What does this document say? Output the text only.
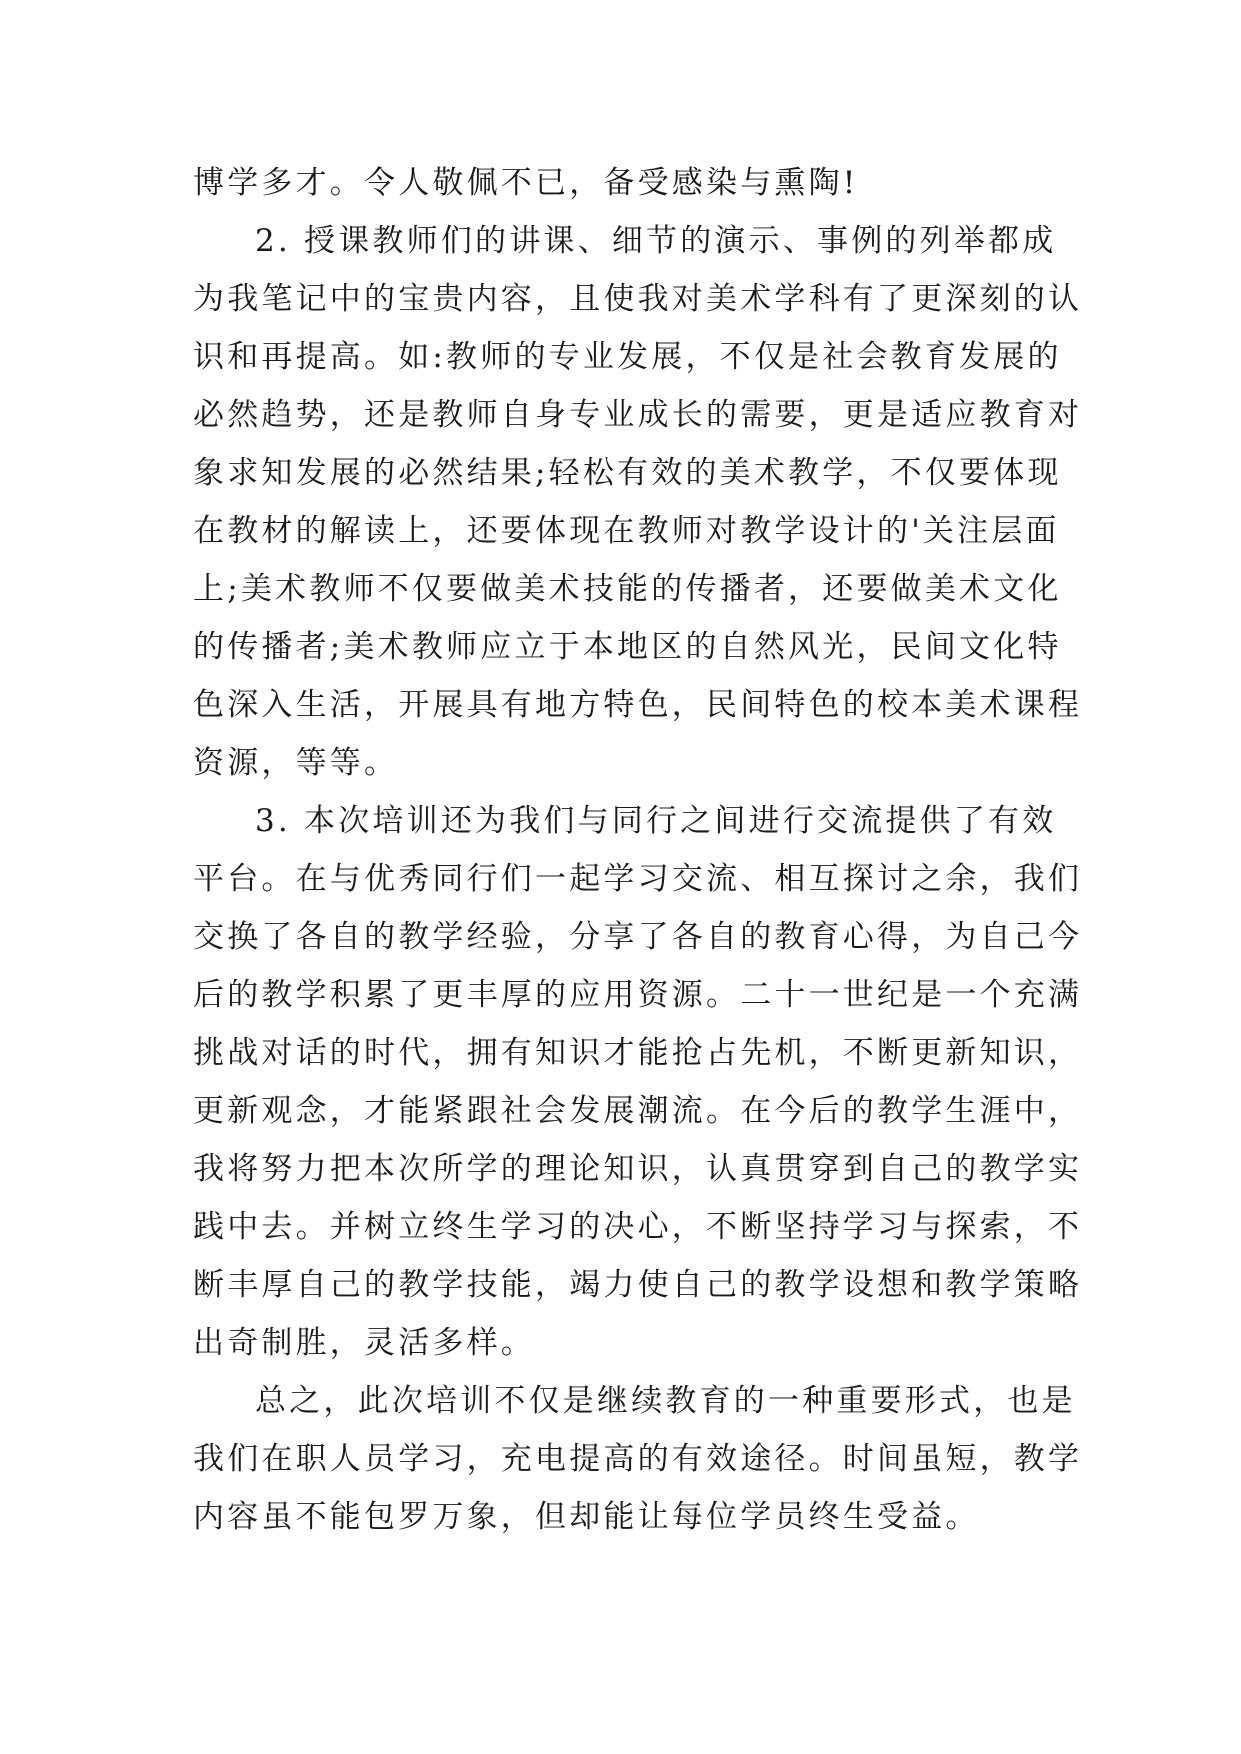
博学多才。令人敬佩不已，备受感染与熏陶!
2. 授课教师们的讲课、细节的演示、事例的列举都成
为我笔记中的宝贵内容，且使我对美术学科有了更深刻的认
识和再提高。如:教师的专业发展，不仅是社会教育发展的
必然趋势，还是教师自身专业成长的需要，更是适应教育对
象求知发展的必然结果;轻松有效的美术教学，不仅要体现
在教材的解读上，还要体现在教师对教学设计的'关注层面
上;美术教师不仅要做美术技能的传播者，还要做美术文化
的传播者;美术教师应立于本地区的自然风光，民间文化特
色深入生活，开展具有地方特色，民间特色的校本美术课程
资源，等等。
3. 本次培训还为我们与同行之间进行交流提供了有效
平台。在与优秀同行们一起学习交流、相互探讨之余，我们
交换了各自的教学经验，分享了各自的教育心得，为自己今
后的教学积累了更丰厚的应用资源。二十一世纪是一个充满
挑战对话的时代，拥有知识才能抢占先机，不断更新知识，
更新观念，才能紧跟社会发展潮流。在今后的教学生涯中，
我将努力把本次所学的理论知识，认真贯穿到自己的教学实
践中去。并树立终生学习的决心，不断坚持学习与探索，不
断丰厚自己的教学技能，竭力使自己的教学设想和教学策略
出奇制胜，灵活多样。
总之，此次培训不仅是继续教育的一种重要形式，也是
我们在职人员学习，充电提高的有效途径。时间虽短，教学
内容虽不能包罗万象，但却能让每位学员终生受益。
